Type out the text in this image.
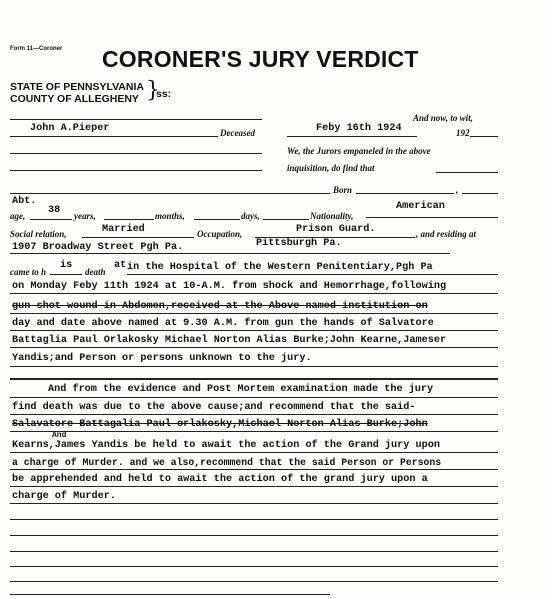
Form 11—Coroner CORONER'S JURY VERDICT
STATE OF PENNSYLVANIA
COUNTY OF ALLEGHENY }
ss:
And now, to wit,
John A.Pieper	Deceased	Feby 16th 1924	192
We, the Jurors empaneled in the above
inquisition, do find that
Born	,
Abt.
age, 38 years,	months,	days,	Nationality,
American
Social relation,	Married	Occupation,	Prison Guard.	, and residing at
1907 Broadway Street Pgh Pa.	Pittsburgh Pa.
came to h
is
death
at in the Hospital of the Western Penitentiary,Pgh Pa
on Monday Feby 11th 1924 at 10-A.M. from shock and Hemorrhage,following
gun shot wound in Abdomen,received at the Above named institution on
day and date above named at 9.30 A.M. from gun the hands of Salvatore
Battaglia Paul Orlakosky Michael Norton Alias Burke;John Kearne,Jameser
Yandis;and Person or persons unknown to the jury.
And from the evidence and Post Mortem examination made the jury
find death was due to the above cause;and recommend that the said-
Salavatore Battagalia Paul orlakosky,Michael Norton Alias Burke;John
And
Kearns,James Yandis be held to await the action of the Grand jury upon
a charge of Murder. and we also,recommend that the said Person or Persons
be apprehended and held to await the action of the grand jury upon a
charge of Murder.
